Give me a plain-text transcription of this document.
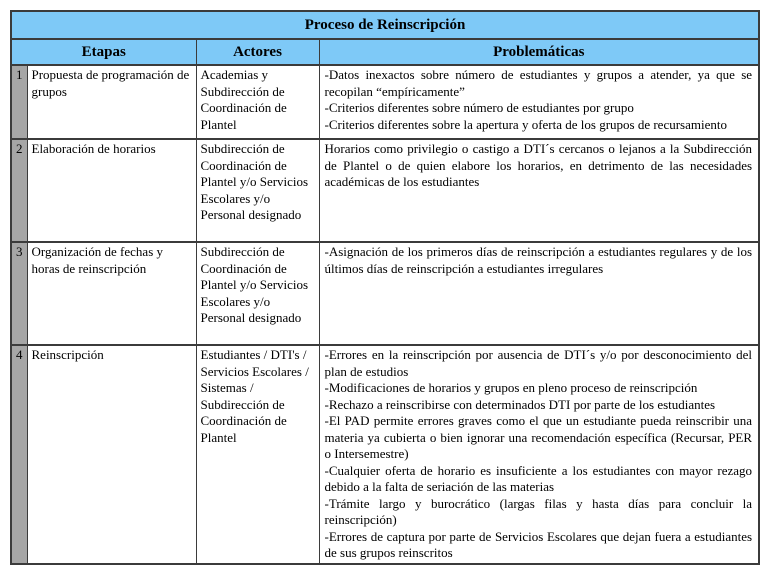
Proceso de Reinscripción			
Etapas		Actores	Problemáticas
1	Propuesta de programación de grupos	Academias y Subdirección de Coordinación de Plantel	-Datos inexactos sobre número de estudiantes y grupos a atender, ya que se recopilan “empíricamente”
-Criterios diferentes sobre número de estudiantes por grupo
-Criterios diferentes sobre la apertura y oferta de los grupos de recursamiento

2	Elaboración de horarios	Subdirección de Coordinación de Plantel y/o Servicios Escolares y/o Personal designado	Horarios como privilegio o castigo a DTI´s cercanos o lejanos a la Subdirección de Plantel o de quien elabore los horarios, en detrimento de las necesidades académicas de los estudiantes

3	Organización de fechas y horas de reinscripción	Subdirección de Coordinación de Plantel y/o Servicios Escolares y/o Personal designado	-Asignación de los primeros días de reinscripción a estudiantes regulares y de los últimos días de reinscripción a estudiantes irregulares

4	Reinscripción	Estudiantes / DTI's / Servicios Escolares / Sistemas / Subdirección de Coordinación de Plantel	
-Errores en la reinscripción por ausencia de DTI´s y/o por desconocimiento del plan de estudios
-Modificaciones de horarios y grupos en pleno proceso de reinscripción
-Rechazo a reinscribirse con determinados DTI por parte de los estudiantes
-El PAD permite errores graves como el que un estudiante pueda reinscribir una materia ya cubierta o bien ignorar una recomendación específica (Recursar, PER o Intersemestre)
-Cualquier oferta de horario es insuficiente a los estudiantes con mayor rezago debido a la falta de seriación de las materias
-Trámite largo y burocrático (largas filas y hasta días para concluir la reinscripción)
-Errores de captura por parte de Servicios Escolares que dejan fuera a estudiantes de sus grupos reinscritos
